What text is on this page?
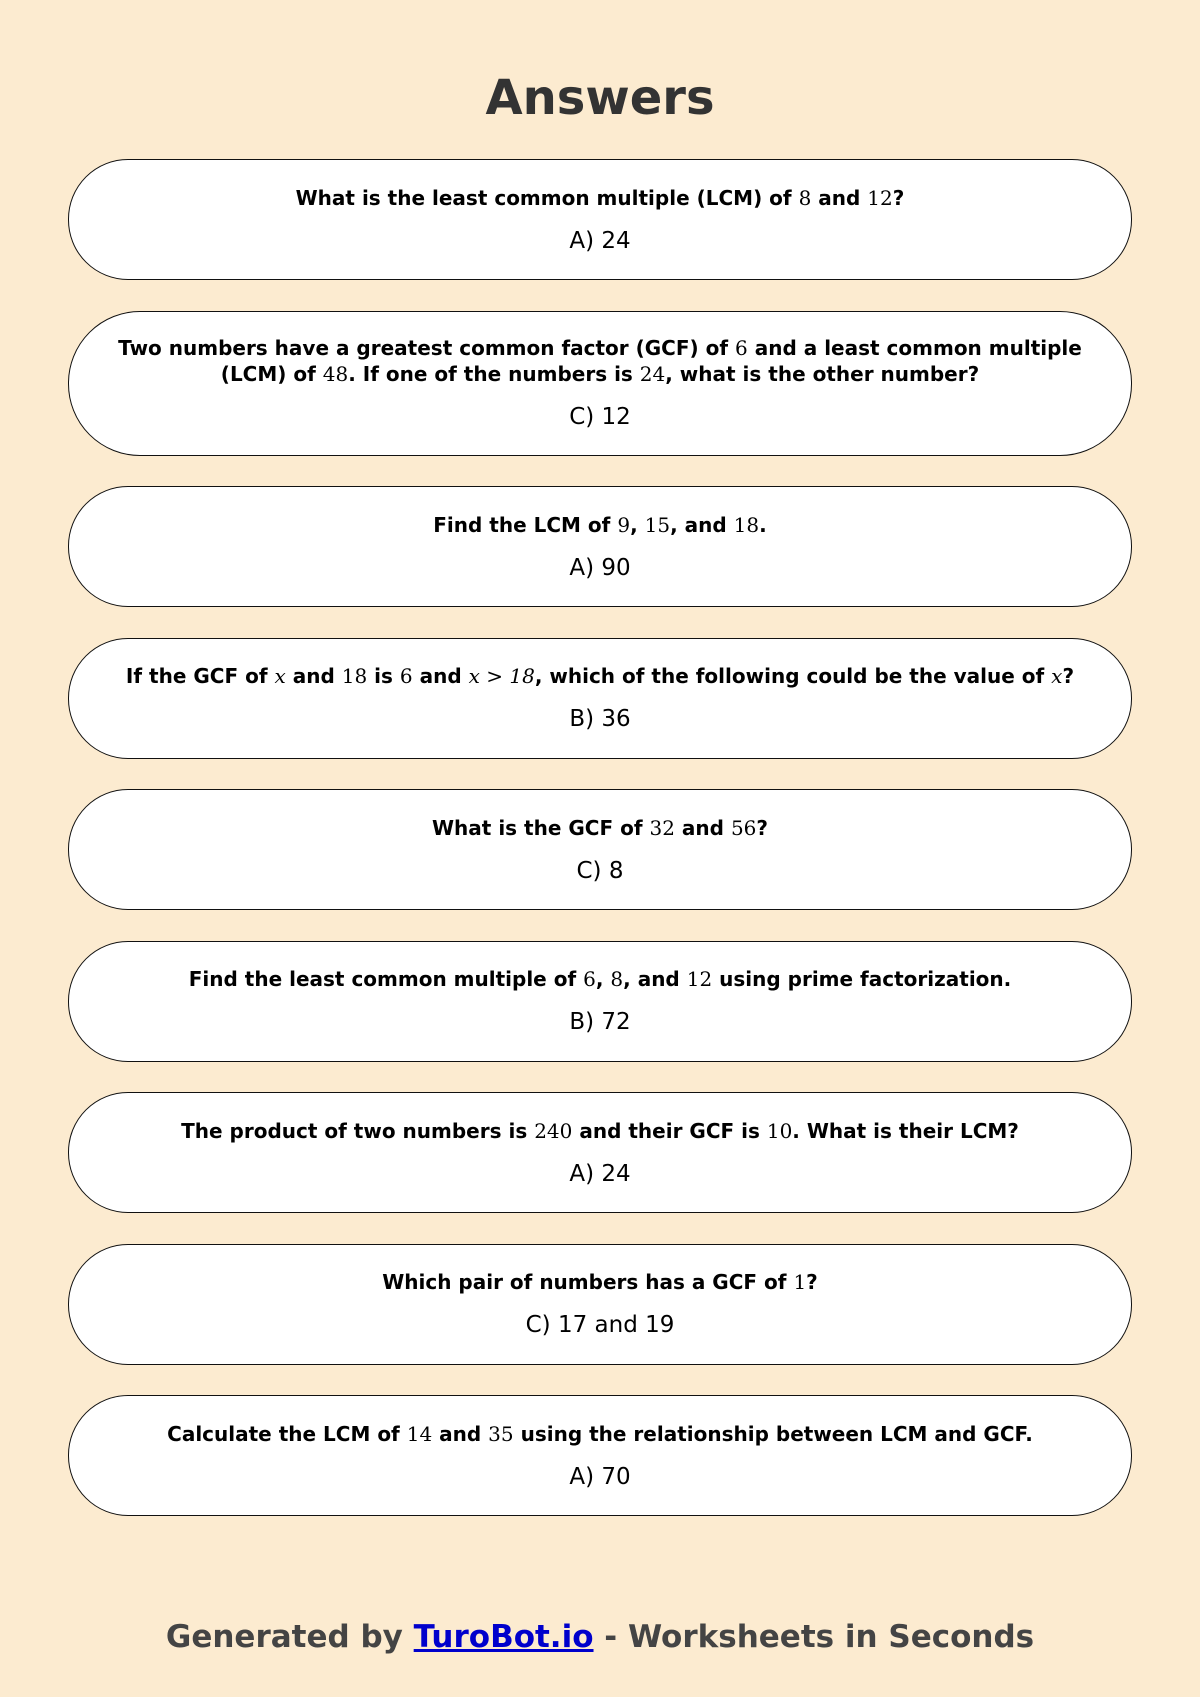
Answers
What is the least common multiple (LCM) of 8 and 12?
A) 24
Two numbers have a greatest common factor (GCF) of 6 and a least common multiple (LCM) of 48. If one of the numbers is 24, what is the other number?
C) 12
Find the LCM of 9, 15, and 18.
A) 90
If the GCF of x and 18 is 6 and x > 18, which of the following could be the value of x?
B) 36
What is the GCF of 32 and 56?
C) 8
Find the least common multiple of 6, 8, and 12 using prime factorization.
B) 72
The product of two numbers is 240 and their GCF is 10. What is their LCM?
A) 24
Which pair of numbers has a GCF of 1?
C) 17 and 19
Calculate the LCM of 14 and 35 using the relationship between LCM and GCF.
A) 70
Generated by TuroBot.io - Worksheets in Seconds
